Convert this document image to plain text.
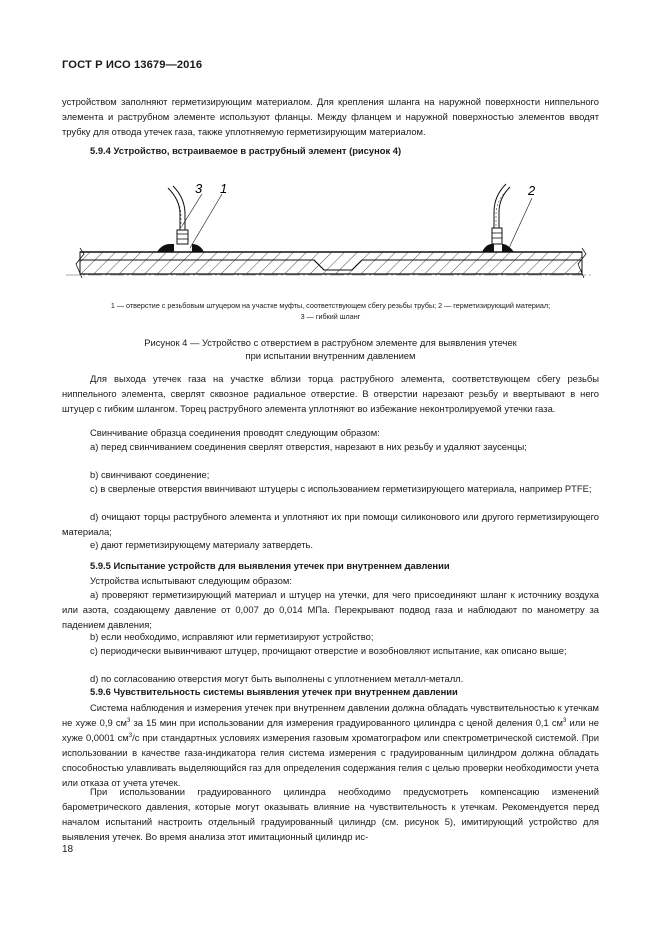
ГОСТ Р ИСО 13679—2016
устройством заполняют герметизирующим материалом. Для крепления шланга на наружной поверхности ниппельного элемента и раструбном элементе используют фланцы. Между фланцем и наружной поверхностью элементов вводят трубку для отвода утечек газа, также уплотняемую герметизирующим материалом.
5.9.4 Устройство, встраиваемое в раструбный элемент (рисунок 4)
3 1	2
1 — отверстие с резьбовым штуцером на участке муфты, соответствующем сбегу резьбы трубы; 2 — герметизирующий материал;
3 — гибкий шланг
Рисунок 4 — Устройство с отверстием в раструбном элементе для выявления утечек
при испытании внутренним давлением
Для выхода утечек газа на участке вблизи торца раструбного элемента, соответствующем сбегу резьбы ниппельного элемента, сверлят сквозное радиальное отверстие. В отверстии нарезают резьбу и ввертывают в него штуцер с гибким шлангом. Торец раструбного элемента уплотняют во избежание неконтролируемой утечки газа.
Свинчивание образца соединения проводят следующим образом:
а) перед свинчиванием соединения сверлят отверстия, нарезают в них резьбу и удаляют заусенцы;
b) свинчивают соединение;
с) в сверленые отверстия ввинчивают штуцеры с использованием герметизирующего материала, например PTFE;
d) очищают торцы раструбного элемента и уплотняют их при помощи силиконового или другого герметизирующего материала;
е) дают герметизирующему материалу затвердеть.
5.9.5 Испытание устройств для выявления утечек при внутреннем давлении
Устройства испытывают следующим образом:
а) проверяют герметизирующий материал и штуцер на утечки, для чего присоединяют шланг к источнику воздуха или азота, создающему давление от 0,007 до 0,014 МПа. Перекрывают подвод газа и наблюдают по манометру за падением давления;
b) если необходимо, исправляют или герметизируют устройство;
с) периодически вывинчивают штуцер, прочищают отверстие и возобновляют испытание, как описано выше;
d) по согласованию отверстия могут быть выполнены с уплотнением металл-металл.
5.9.6 Чувствительность системы выявления утечек при внутреннем давлении
Система наблюдения и измерения утечек при внутреннем давлении должна обладать чувствительностью к утечкам не хуже 0,9 $см^3$ за 15 мин при использовании для измерения градуированного цилиндра с ценой деления 0,1 $см^3$ или не хуже 0,0001 $см^3/с$ при стандартных условиях измерения газовым хроматографом или спектрометрической системой. При использовании в качестве газа-индикатора гелия система измерения с градуированным цилиндром должна обладать способностью улавливать выделяющийся газ для определения содержания гелия с целью проверки необходимости учета или отказа от учета утечек.
При использовании градуированного цилиндра необходимо предусмотреть компенсацию изменений барометрического давления, которые могут оказывать влияние на чувствительность к утечкам. Рекомендуется перед началом испытаний настроить отдельный градуированный цилиндр (см. рисунок 5), имитирующий устройство для выявления утечек. Во время анализа этот имитационный цилиндр ис-
18
